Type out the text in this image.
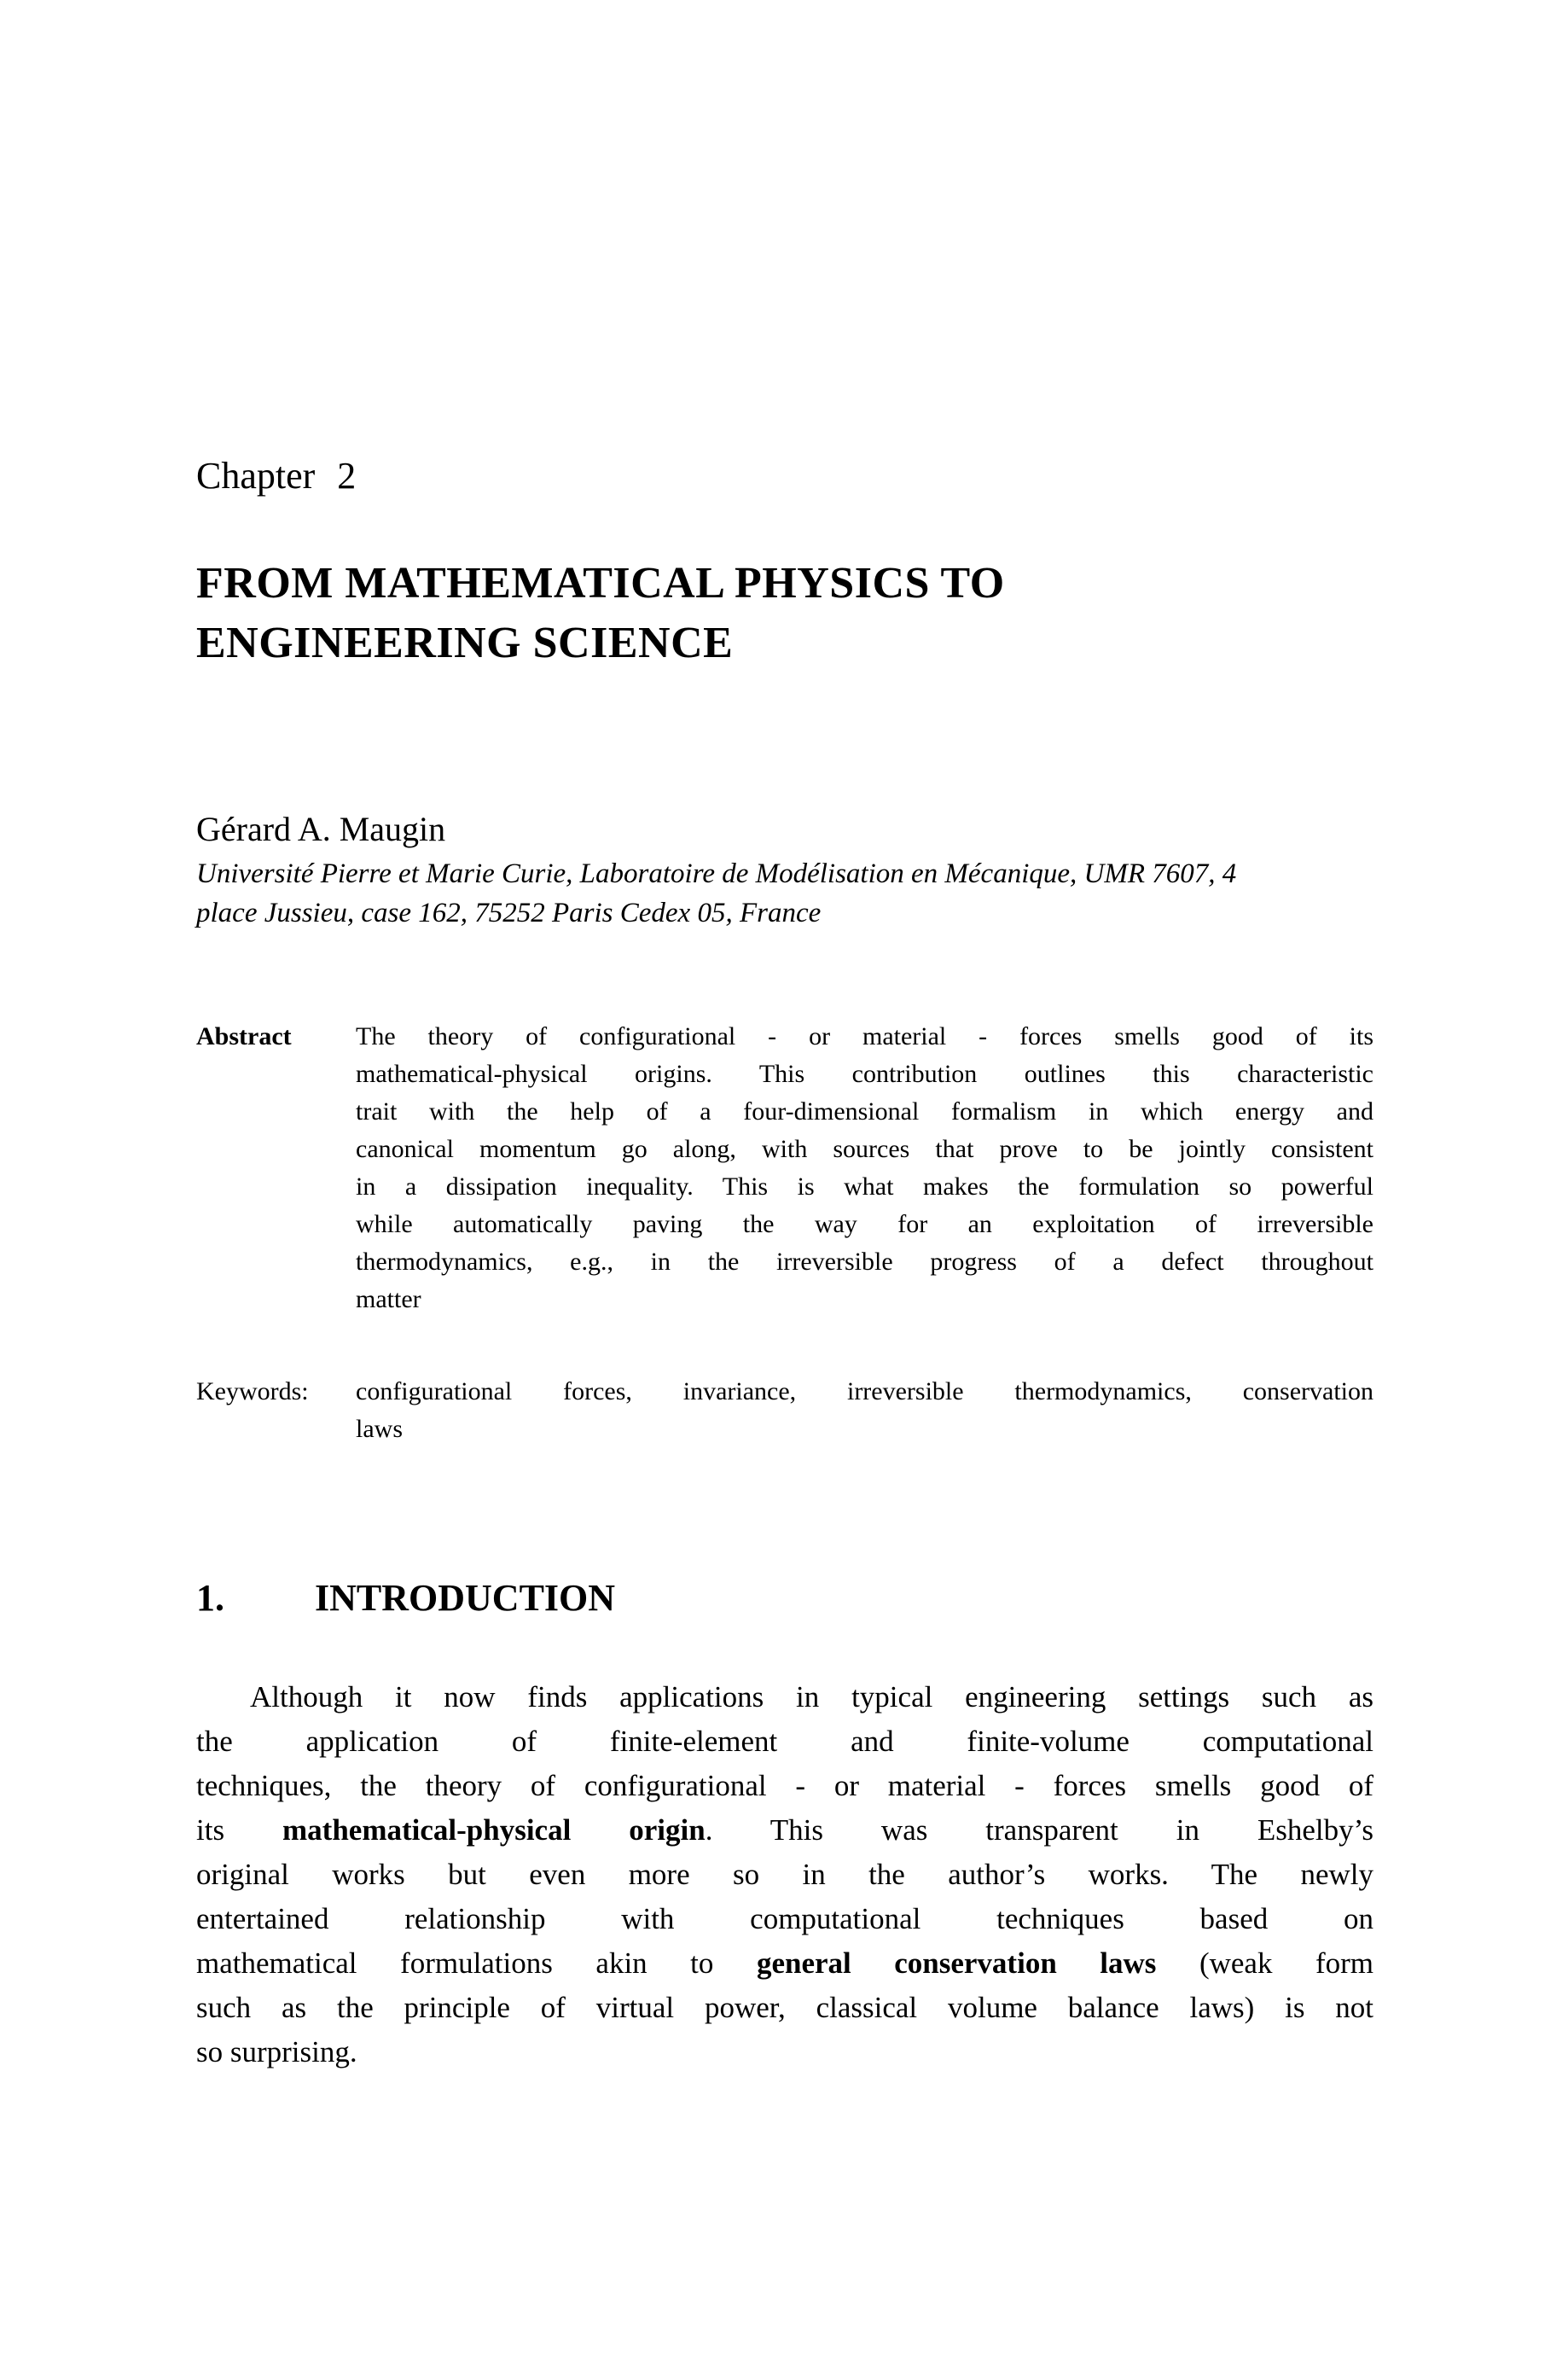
Chapter 2
FROM MATHEMATICAL PHYSICS TO
ENGINEERING SCIENCE
Gérard A. Maugin
Université Pierre et Marie Curie, Laboratoire de Modélisation en Mécanique, UMR 7607, 4
place Jussieu, case 162, 75252 Paris Cedex 05, France
Abstract	The theory of configurational - or material - forces smells good of its
mathematical-physical origins. This contribution outlines this characteristic
trait with the help of a four-dimensional formalism in which energy and
canonical momentum go along, with sources that prove to be jointly consistent
in a dissipation inequality. This is what makes the formulation so powerful
while automatically paving the way for an exploitation of irreversible
thermodynamics, e.g., in the irreversible progress of a defect throughout
matter
Keywords:	configurational forces, invariance, irreversible thermodynamics, conservation
laws
1.	INTRODUCTION
Although it now finds applications in typical engineering settings such as
the application of finite-element and finite-volume computational
techniques, the theory of configurational - or material - forces smells good of
its mathematical-physical origin. This was transparent in Eshelby’s
original works but even more so in the author’s works. The newly
entertained relationship with computational techniques based on
mathematical formulations akin to general conservation laws (weak form
such as the principle of virtual power, classical volume balance laws) is not
so surprising.
